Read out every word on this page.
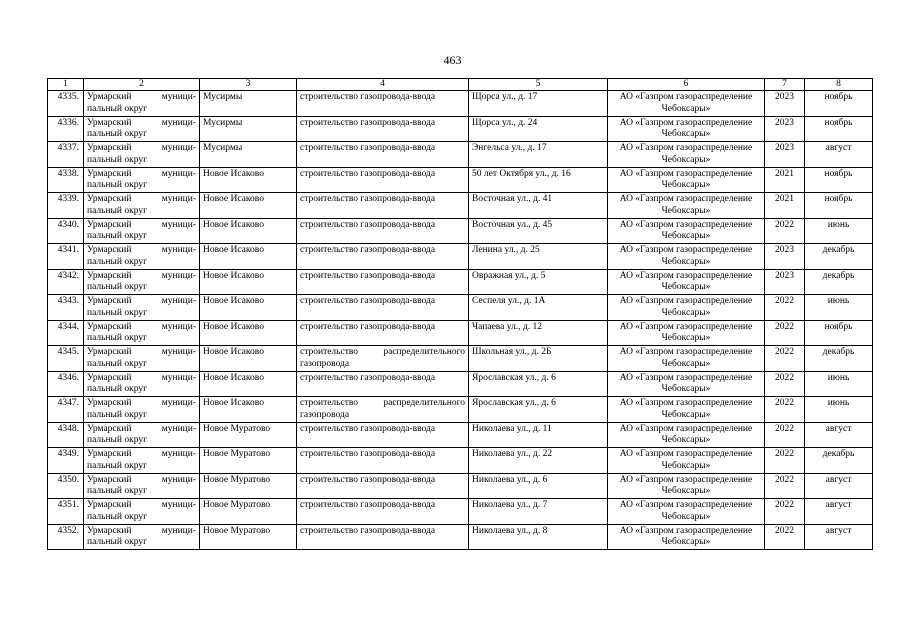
463
1	2	3	4	5	6	7	8
4335.	Урмарский муници-пальный округ	Мусирмы	строительство газопровода-ввода	Щорса ул., д. 17	АО «Газпром газораспределение Чебоксары»	2023	ноябрь
4336.	Урмарский муници-пальный округ	Мусирмы	строительство газопровода-ввода	Щорса ул., д. 24	АО «Газпром газораспределение Чебоксары»	2023	ноябрь
4337.	Урмарский муници-пальный округ	Мусирмы	строительство газопровода-ввода	Энгельса ул., д. 17	АО «Газпром газораспределение Чебоксары»	2023	август
4338.	Урмарский муници-пальный округ	Новое Исаково	строительство газопровода-ввода	50 лет Октября ул., д. 16	АО «Газпром газораспределение Чебоксары»	2021	ноябрь
4339.	Урмарский муници-пальный округ	Новое Исаково	строительство газопровода-ввода	Восточная ул., д. 41	АО «Газпром газораспределение Чебоксары»	2021	ноябрь
4340.	Урмарский муници-пальный округ	Новое Исаково	строительство газопровода-ввода	Восточная ул., д. 45	АО «Газпром газораспределение Чебоксары»	2022	июнь
4341.	Урмарский муници-пальный округ	Новое Исаково	строительство газопровода-ввода	Ленина ул., д. 25	АО «Газпром газораспределение Чебоксары»	2023	декабрь
4342.	Урмарский муници-пальный округ	Новое Исаково	строительство газопровода-ввода	Овражная ул., д. 5	АО «Газпром газораспределение Чебоксары»	2023	декабрь
4343.	Урмарский муници-пальный округ	Новое Исаково	строительство газопровода-ввода	Сеспеля ул., д. 1А	АО «Газпром газораспределение Чебоксары»	2022	июнь
4344.	Урмарский муници-пальный округ	Новое Исаково	строительство газопровода-ввода	Чапаева ул., д. 12	АО «Газпром газораспределение Чебоксары»	2022	ноябрь
4345.	Урмарский муници-пальный округ	Новое Исаково	строительство распределительного газопровода	Школьная ул., д. 2Б	АО «Газпром газораспределение Чебоксары»	2022	декабрь
4346.	Урмарский муници-пальный округ	Новое Исаково	строительство газопровода-ввода	Ярославская ул., д. 6	АО «Газпром газораспределение Чебоксары»	2022	июнь
4347.	Урмарский муници-пальный округ	Новое Исаково	строительство распределительного газопровода	Ярославская ул., д. 6	АО «Газпром газораспределение Чебоксары»	2022	июнь
4348.	Урмарский муници-пальный округ	Новое Муратово	строительство газопровода-ввода	Николаева ул., д. 11	АО «Газпром газораспределение Чебоксары»	2022	август
4349.	Урмарский муници-пальный округ	Новое Муратово	строительство газопровода-ввода	Николаева ул., д. 22	АО «Газпром газораспределение Чебоксары»	2022	декабрь
4350.	Урмарский муници-пальный округ	Новое Муратово	строительство газопровода-ввода	Николаева ул., д. 6	АО «Газпром газораспределение Чебоксары»	2022	август
4351.	Урмарский муници-пальный округ	Новое Муратово	строительство газопровода-ввода	Николаева ул., д. 7	АО «Газпром газораспределение Чебоксары»	2022	август
4352.	Урмарский муници-пальный округ	Новое Муратово	строительство газопровода-ввода	Николаева ул., д. 8	АО «Газпром газораспределение Чебоксары»	2022	август
